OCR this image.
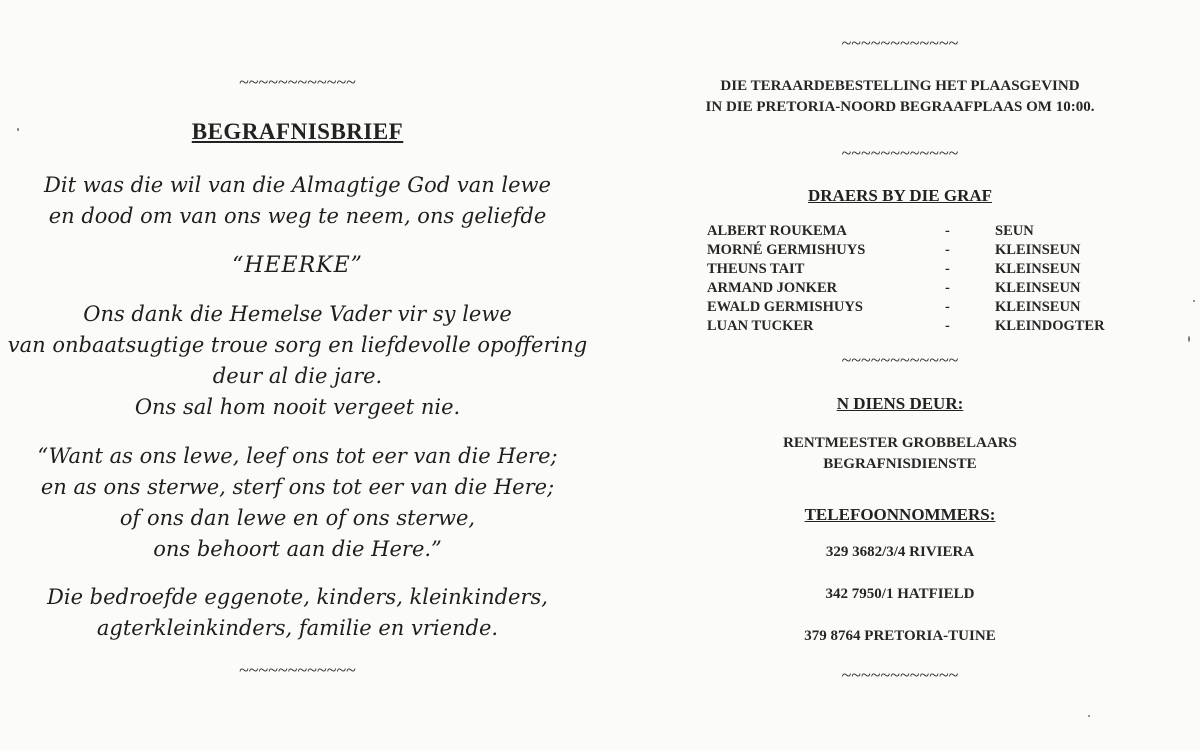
~~~~~~~~~~~~
BEGRAFNISBRIEF

Dit was die wil van die Almagtige God van lewe

en dood om van ons weg te neem, ons geliefde

“HEERKE”

Ons dank die Hemelse Vader vir sy lewe

van onbaatsugtige troue sorg en liefdevolle opoffering

deur al die jare.

Ons sal hom nooit vergeet nie.

“Want as ons lewe, leef ons tot eer van die Here;

en as ons sterwe, sterf ons tot eer van die Here;

of ons dan lewe en of ons sterwe,

ons behoort aan die Here.”

Die bedroefde eggenote, kinders, kleinkinders,

agterkleinkinders, familie en vriende.

~~~~~~~~~~~~
~~~~~~~~~~~~
DIE TERAARDEBESTELLING HET PLAASGEVIND
IN DIE PRETORIA-NOORD BEGRAAFPLAAS OM 10:00.
~~~~~~~~~~~~
DRAERS BY DIE GRAF
ALBERT ROUKEMA	-	SEUN
MORNÉ GERMISHUYS	-	KLEINSEUN
THEUNS TAIT	-	KLEINSEUN
ARMAND JONKER	-	KLEINSEUN
EWALD GERMISHUYS	-	KLEINSEUN
LUAN TUCKER	-	KLEINDOGTER
~~~~~~~~~~~~
N DIENS DEUR:
RENTMEESTER GROBBELAARS
BEGRAFNISDIENSTE
TELEFOONNOMMERS:
329 3682/3/4 RIVIERA
342 7950/1 HATFIELD
379 8764 PRETORIA-TUINE
~~~~~~~~~~~~
